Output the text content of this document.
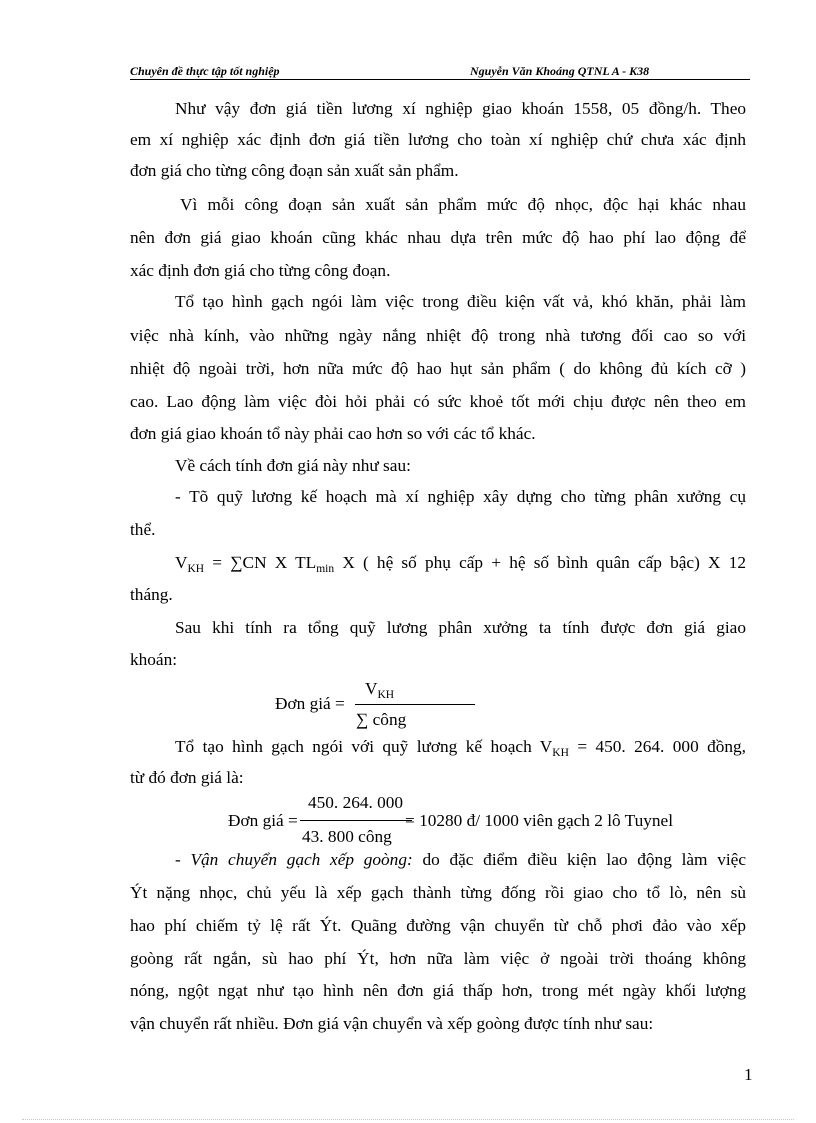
Chuyên đề thực tập tốt nghiệp	Nguyễn Văn Khoáng QTNL A - K38
Như vậy đơn giá tiền lương xí nghiệp giao khoán 1558, 05 đồng/h. Theo
em xí nghiệp xác định đơn giá tiền lương cho toàn xí nghiệp chứ chưa xác định
đơn giá cho từng công đoạn sản xuất sản phẩm.
Vì mỗi công đoạn sản xuất sản phẩm mức độ nhọc, độc hại khác nhau
nên đơn giá giao khoán cũng khác nhau dựa trên mức độ hao phí lao động để
xác định đơn giá cho từng công đoạn.
Tổ tạo hình gạch ngói làm việc trong điều kiện vất vả, khó khăn, phải làm
việc nhà kính, vào những ngày nắng nhiệt độ trong nhà tương đối cao so với
nhiệt độ ngoài trời, hơn nữa mức độ hao hụt sản phẩm ( do không đủ kích cỡ )
cao. Lao động làm việc đòi hỏi phải có sức khoẻ tốt mới chịu được nên theo em
đơn giá giao khoán tổ này phải cao hơn so với các tổ khác.
Về cách tính đơn giá này như sau:
- Tõ quỹ lương kế hoạch mà xí nghiệp xây dựng cho từng phân xưởng cụ
thể.
$V_{KH} = \sum CN$ X $TL_{min}$ X ( hệ số phụ cấp + hệ số bình quân cấp bậc) X 12
tháng.
Sau khi tính ra tổng quỹ lương phân xưởng ta tính được đơn giá giao
khoán:
$V_{KH}$
Đơn giá =
∑ công
Tổ tạo hình gạch ngói với quỹ lương kế hoạch $V_{KH} = 450$. 264. 000 đồng,
từ đó đơn giá là:
450. 264. 000
Đơn giá =	= 10280 đ/ 1000 viên gạch 2 lô Tuynel
43. 800 công
- Vận chuyển gạch xếp goòng: do đặc điểm điều kiện lao động làm việc
Ýt nặng nhọc, chủ yếu là xếp gạch thành từng đống rồi giao cho tổ lò, nên sù
hao phí chiếm tỷ lệ rất Ýt. Quãng đường vận chuyển từ chỗ phơi đảo vào xếp
goòng rất ngắn, sù hao phí Ýt, hơn nữa làm việc ở ngoài trời thoáng không
nóng, ngột ngạt như tạo hình nên đơn giá thấp hơn, trong mét ngày khối lượng
vận chuyển rất nhiều. Đơn giá vận chuyển và xếp goòng được tính như sau:
1
